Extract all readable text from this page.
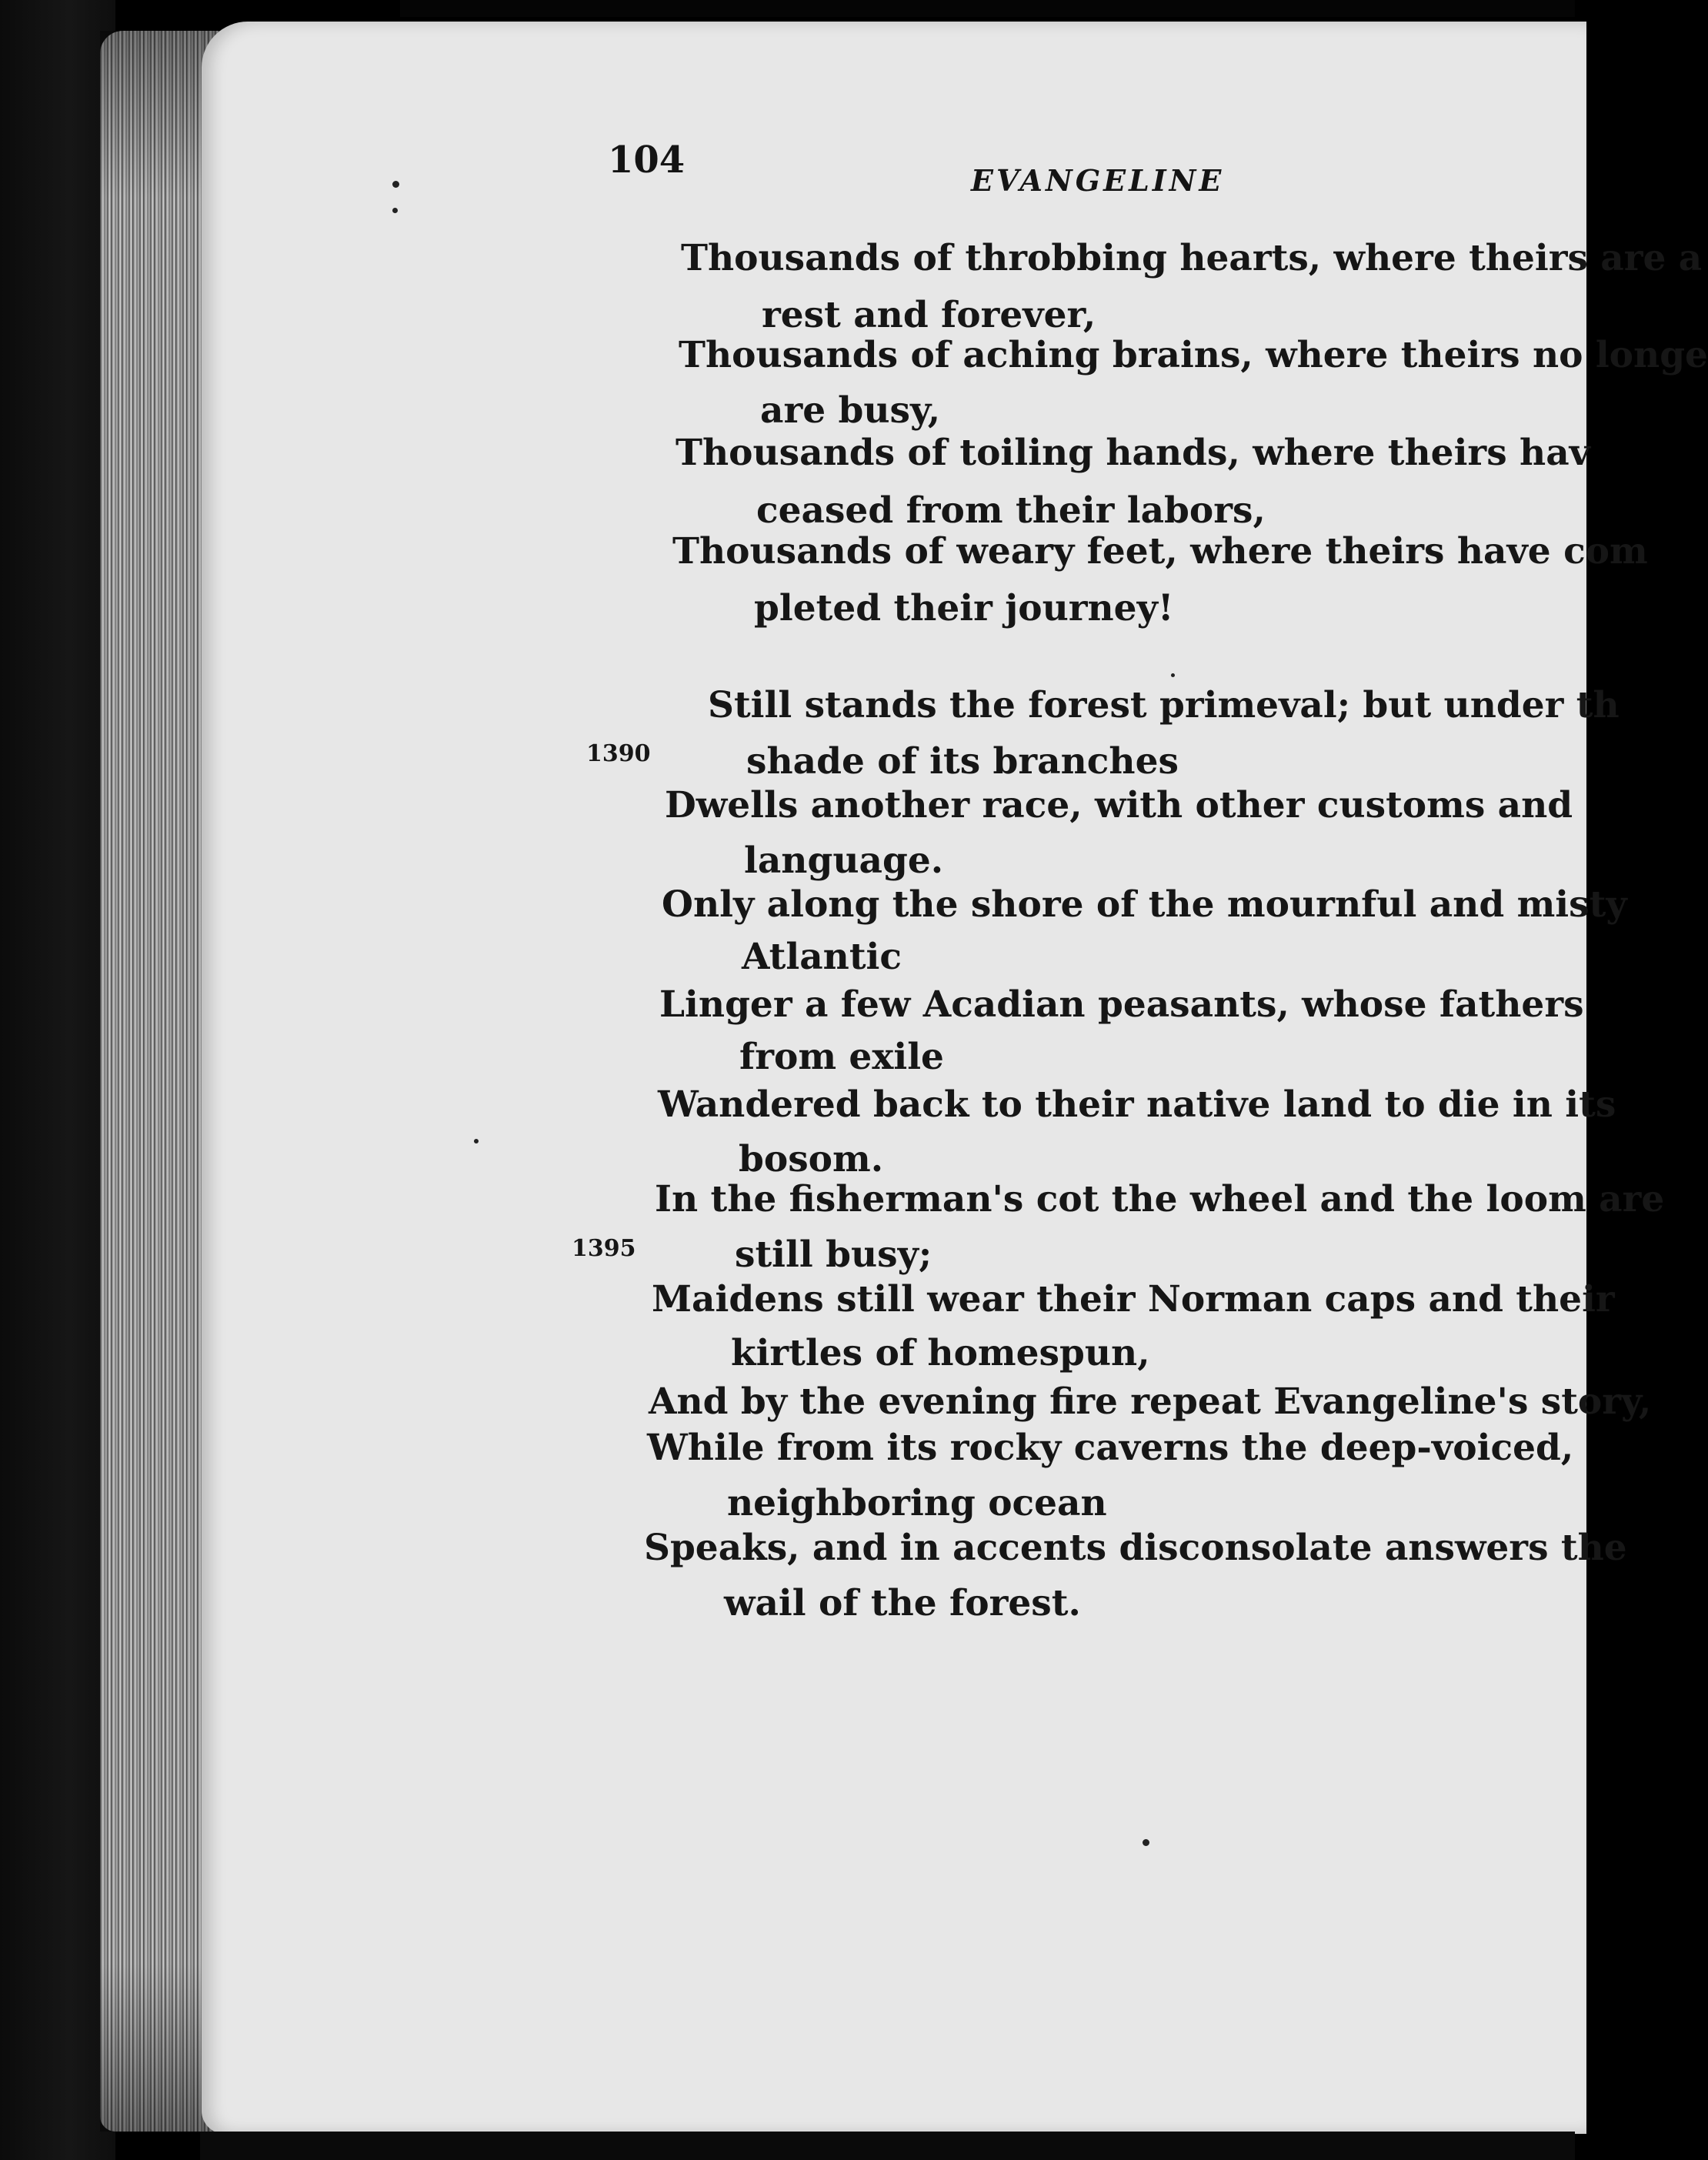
104	EVANGELINE
Thousands of throbbing hearts, where theirs are a
rest and forever,
Thousands of aching brains, where theirs no longe
are busy,
Thousands of toiling hands, where theirs hav
ceased from their labors,
Thousands of weary feet, where theirs have com
pleted their journey!
Still stands the forest primeval; but under th
shade of its branches
Dwells another race, with other customs and
language.
Only along the shore of the mournful and misty
Atlantic
Linger a few Acadian peasants, whose fathers
from exile
Wandered back to their native land to die in its
bosom.
In the fisherman's cot the wheel and the loom are
still busy;
Maidens still wear their Norman caps and their
kirtles of homespun,
And by the evening fire repeat Evangeline's story,
While from its rocky caverns the deep-voiced,
neighboring ocean
Speaks, and in accents disconsolate answers the
wail of the forest.
1390
1395
